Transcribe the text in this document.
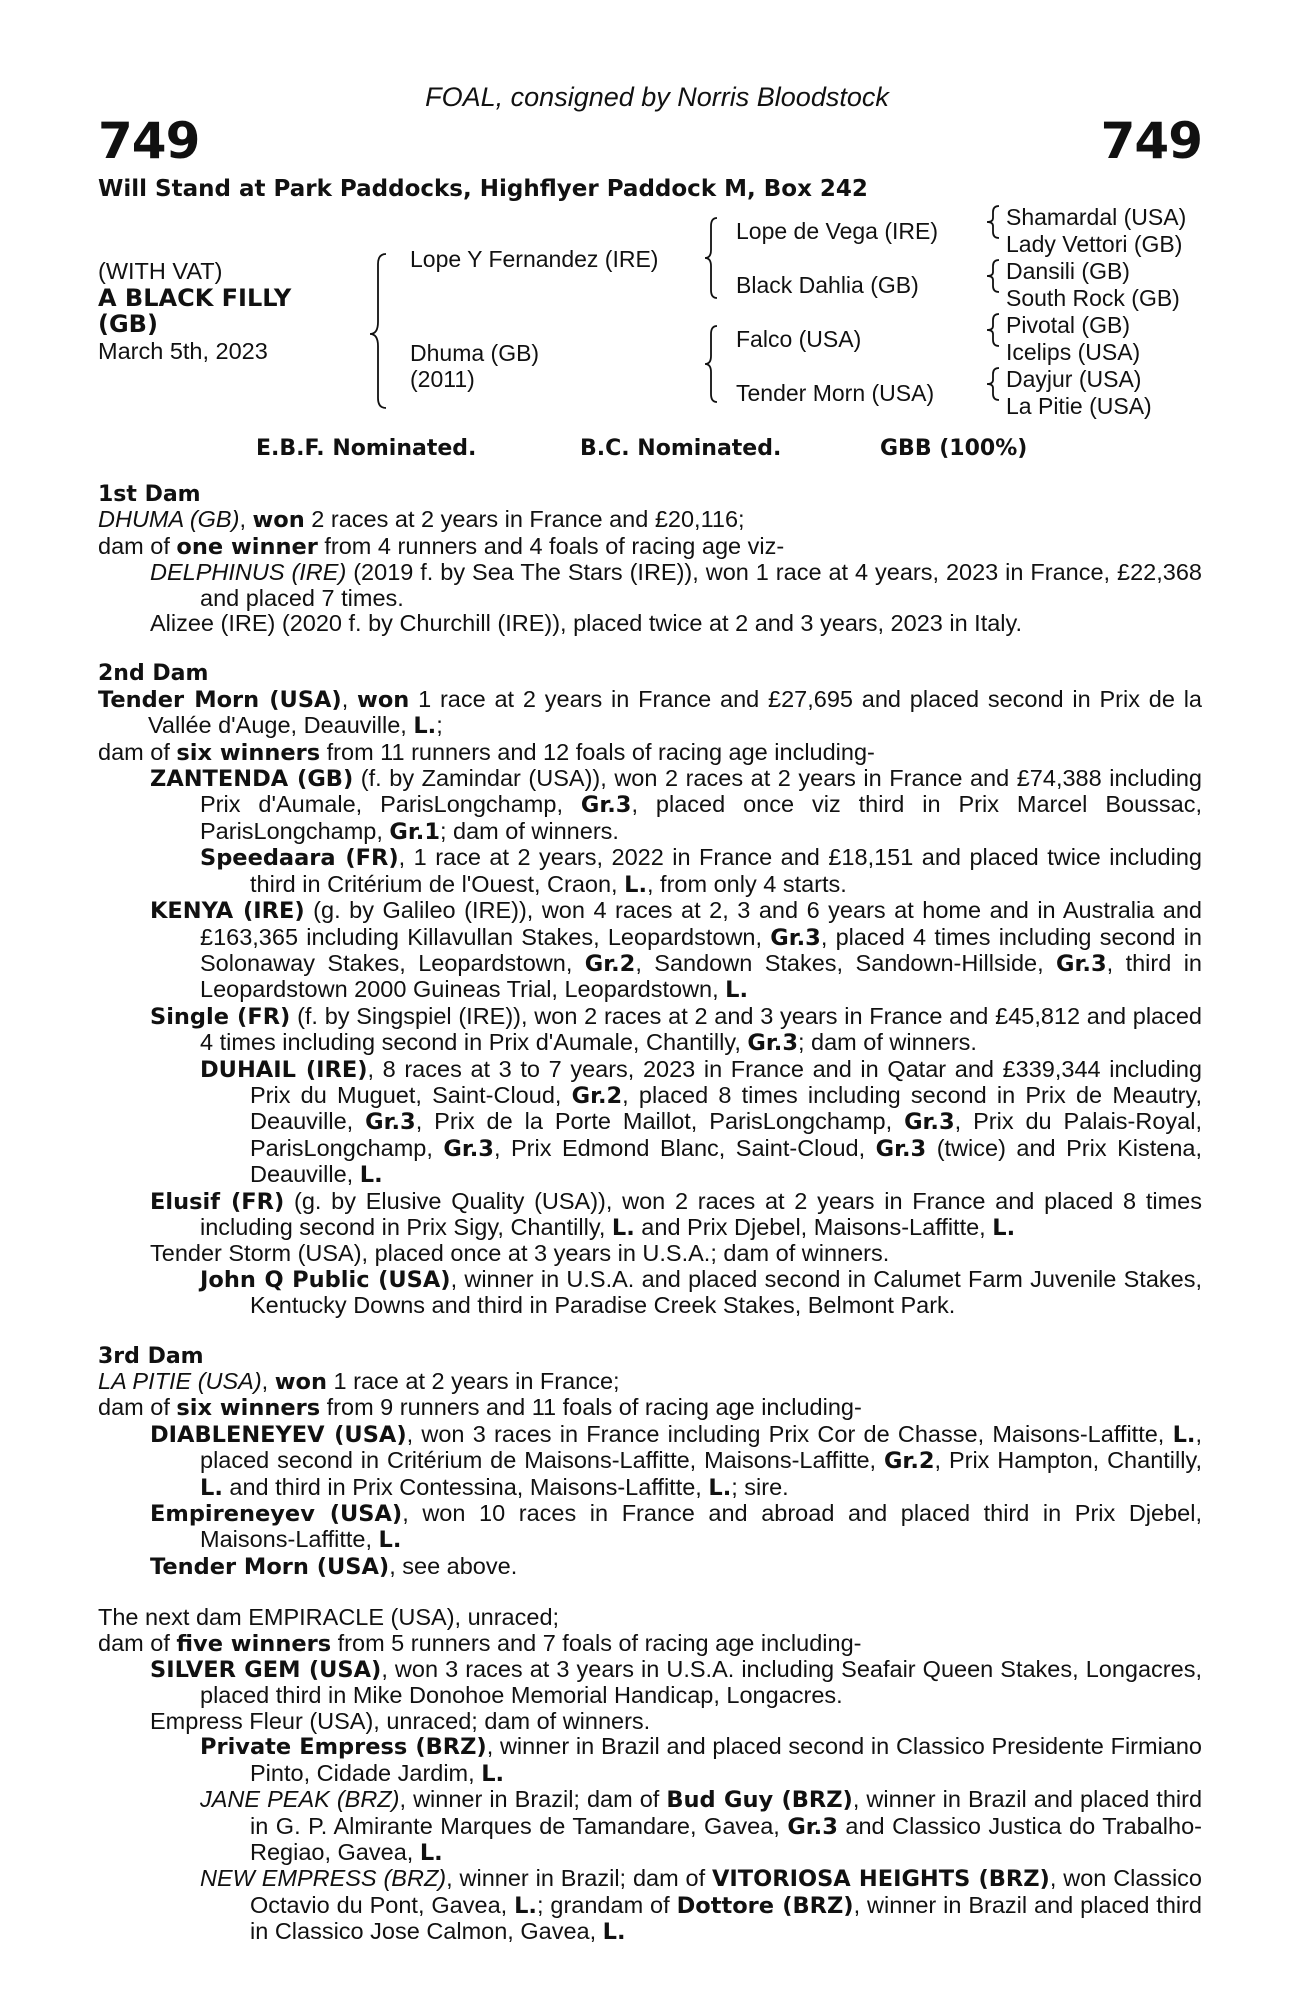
FOAL, consigned by Norris Bloodstock
749	749
Will Stand at Park Paddocks, Highflyer Paddock M, Box 242
(WITH VAT)
A BLACK FILLY
(GB)
March 5th, 2023
Lope Y Fernandez (IRE)
Dhuma (GB)
(2011)
Lope de Vega (IRE)
Black Dahlia (GB)
Falco (USA)
Tender Morn (USA)
Shamardal (USA)
Lady Vettori (GB)
Dansili (GB)
South Rock (GB)
Pivotal (GB)
Icelips (USA)
Dayjur (USA)
La Pitie (USA)
E.B.F. Nominated.	B.C. Nominated.	GBB (100%)

1st Dam

DHUMA (GB), won 2 races at 2 years in France and £20,116;

dam of one winner from 4 runners and 4 foals of racing age viz-

DELPHINUS (IRE) (2019 f. by Sea The Stars (IRE)), won 1 race at 4 years, 2023 in France, £22,368 and placed 7 times.

Alizee (IRE) (2020 f. by Churchill (IRE)), placed twice at 2 and 3 years, 2023 in Italy.

2nd Dam

Tender Morn (USA), won 1 race at 2 years in France and £27,695 and placed second in Prix de la Vallée d'Auge, Deauville, L.;

dam of six winners from 11 runners and 12 foals of racing age including-

ZANTENDA (GB) (f. by Zamindar (USA)), won 2 races at 2 years in France and £74,388 including Prix d'Aumale, ParisLongchamp, Gr.3, placed once viz third in Prix Marcel Boussac, ParisLongchamp, Gr.1; dam of winners.

Speedaara (FR), 1 race at 2 years, 2022 in France and £18,151 and placed twice including third in Critérium de l'Ouest, Craon, L., from only 4 starts.

KENYA (IRE) (g. by Galileo (IRE)), won 4 races at 2, 3 and 6 years at home and in Australia and £163,365 including Killavullan Stakes, Leopardstown, Gr.3, placed 4 times including second in Solonaway Stakes, Leopardstown, Gr.2, Sandown Stakes, Sandown-Hillside, Gr.3, third in Leopardstown 2000 Guineas Trial, Leopardstown, L.

Single (FR) (f. by Singspiel (IRE)), won 2 races at 2 and 3 years in France and £45,812 and placed 4 times including second in Prix d'Aumale, Chantilly, Gr.3; dam of winners.

DUHAIL (IRE), 8 races at 3 to 7 years, 2023 in France and in Qatar and £339,344 including Prix du Muguet, Saint-Cloud, Gr.2, placed 8 times including second in Prix de Meautry, Deauville, Gr.3, Prix de la Porte Maillot, ParisLongchamp, Gr.3, Prix du Palais-Royal, ParisLongchamp, Gr.3, Prix Edmond Blanc, Saint-Cloud, Gr.3 (twice) and Prix Kistena, Deauville, L.

Elusif (FR) (g. by Elusive Quality (USA)), won 2 races at 2 years in France and placed 8 times including second in Prix Sigy, Chantilly, L. and Prix Djebel, Maisons-Laffitte, L.

Tender Storm (USA), placed once at 3 years in U.S.A.; dam of winners.

John Q Public (USA), winner in U.S.A. and placed second in Calumet Farm Juvenile Stakes, Kentucky Downs and third in Paradise Creek Stakes, Belmont Park.

3rd Dam

LA PITIE (USA), won 1 race at 2 years in France;

dam of six winners from 9 runners and 11 foals of racing age including-

DIABLENEYEV (USA), won 3 races in France including Prix Cor de Chasse, Maisons-Laffitte, L., placed second in Critérium de Maisons-Laffitte, Maisons-Laffitte, Gr.2, Prix Hampton, Chantilly, L. and third in Prix Contessina, Maisons-Laffitte, L.; sire.

Empireneyev (USA), won 10 races in France and abroad and placed third in Prix Djebel, Maisons-Laffitte, L.

Tender Morn (USA), see above.

The next dam EMPIRACLE (USA), unraced;

dam of five winners from 5 runners and 7 foals of racing age including-

SILVER GEM (USA), won 3 races at 3 years in U.S.A. including Seafair Queen Stakes, Longacres, placed third in Mike Donohoe Memorial Handicap, Longacres.

Empress Fleur (USA), unraced; dam of winners.

Private Empress (BRZ), winner in Brazil and placed second in Classico Presidente Firmiano Pinto, Cidade Jardim, L.

JANE PEAK (BRZ), winner in Brazil; dam of Bud Guy (BRZ), winner in Brazil and placed third in G. P. Almirante Marques de Tamandare, Gavea, Gr.3 and Classico Justica do Trabalho-Regiao, Gavea, L.

NEW EMPRESS (BRZ), winner in Brazil; dam of VITORIOSA HEIGHTS (BRZ), won Classico Octavio du Pont, Gavea, L.; grandam of Dottore (BRZ), winner in Brazil and placed third in Classico Jose Calmon, Gavea, L.
